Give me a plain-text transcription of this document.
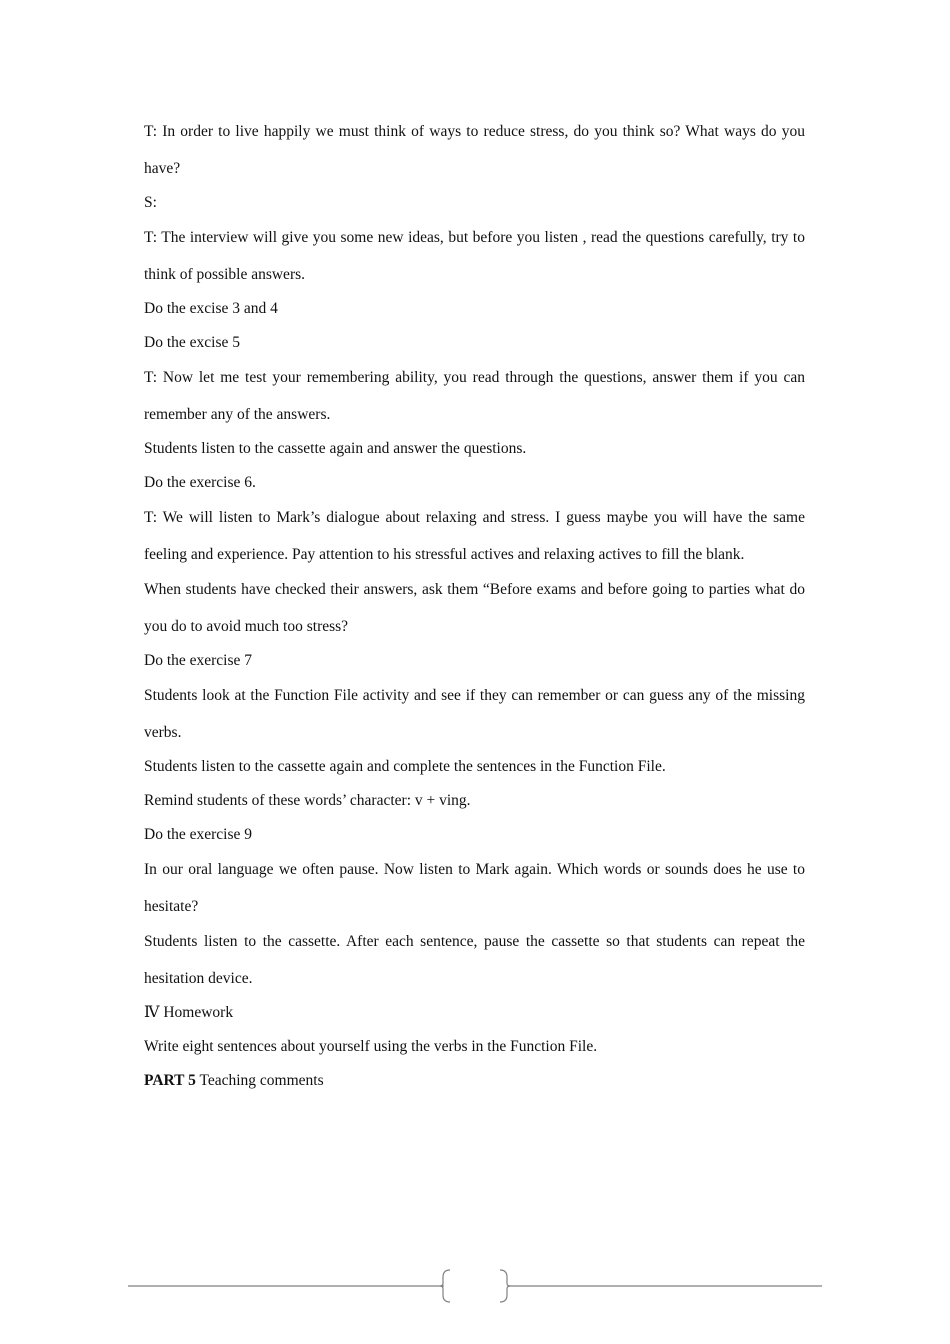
T: In order to live happily we must think of ways to reduce stress, do you think so? What ways do you have?

S:

T: The interview will give you some new ideas, but before you listen , read the questions carefully, try to think of possible answers.

Do the excise 3 and 4

Do the excise 5

T: Now let me test your remembering ability, you read through the questions, answer them if you can remember any of the answers.

Students listen to the cassette again and answer the questions.

Do the exercise 6.

T: We will listen to Mark’s dialogue about relaxing and stress. I guess maybe you will have the same feeling and experience. Pay attention to his stressful actives and relaxing actives to fill the blank.

When students have checked their answers, ask them “Before exams and before going to parties what do you do to avoid much too stress?

Do the exercise 7

Students look at the Function File activity and see if they can remember or can guess any of the missing verbs.

Students listen to the cassette again and complete the sentences in the Function File.

Remind students of these words’ character: v + ving.

Do the exercise 9

In our oral language we often pause. Now listen to Mark again. Which words or sounds does he use to hesitate?

Students listen to the cassette. After each sentence, pause the cassette so that students can repeat the hesitation device.

Ⅳ Homework

Write eight sentences about yourself using the verbs in the Function File.

PART 5 Teaching comments
